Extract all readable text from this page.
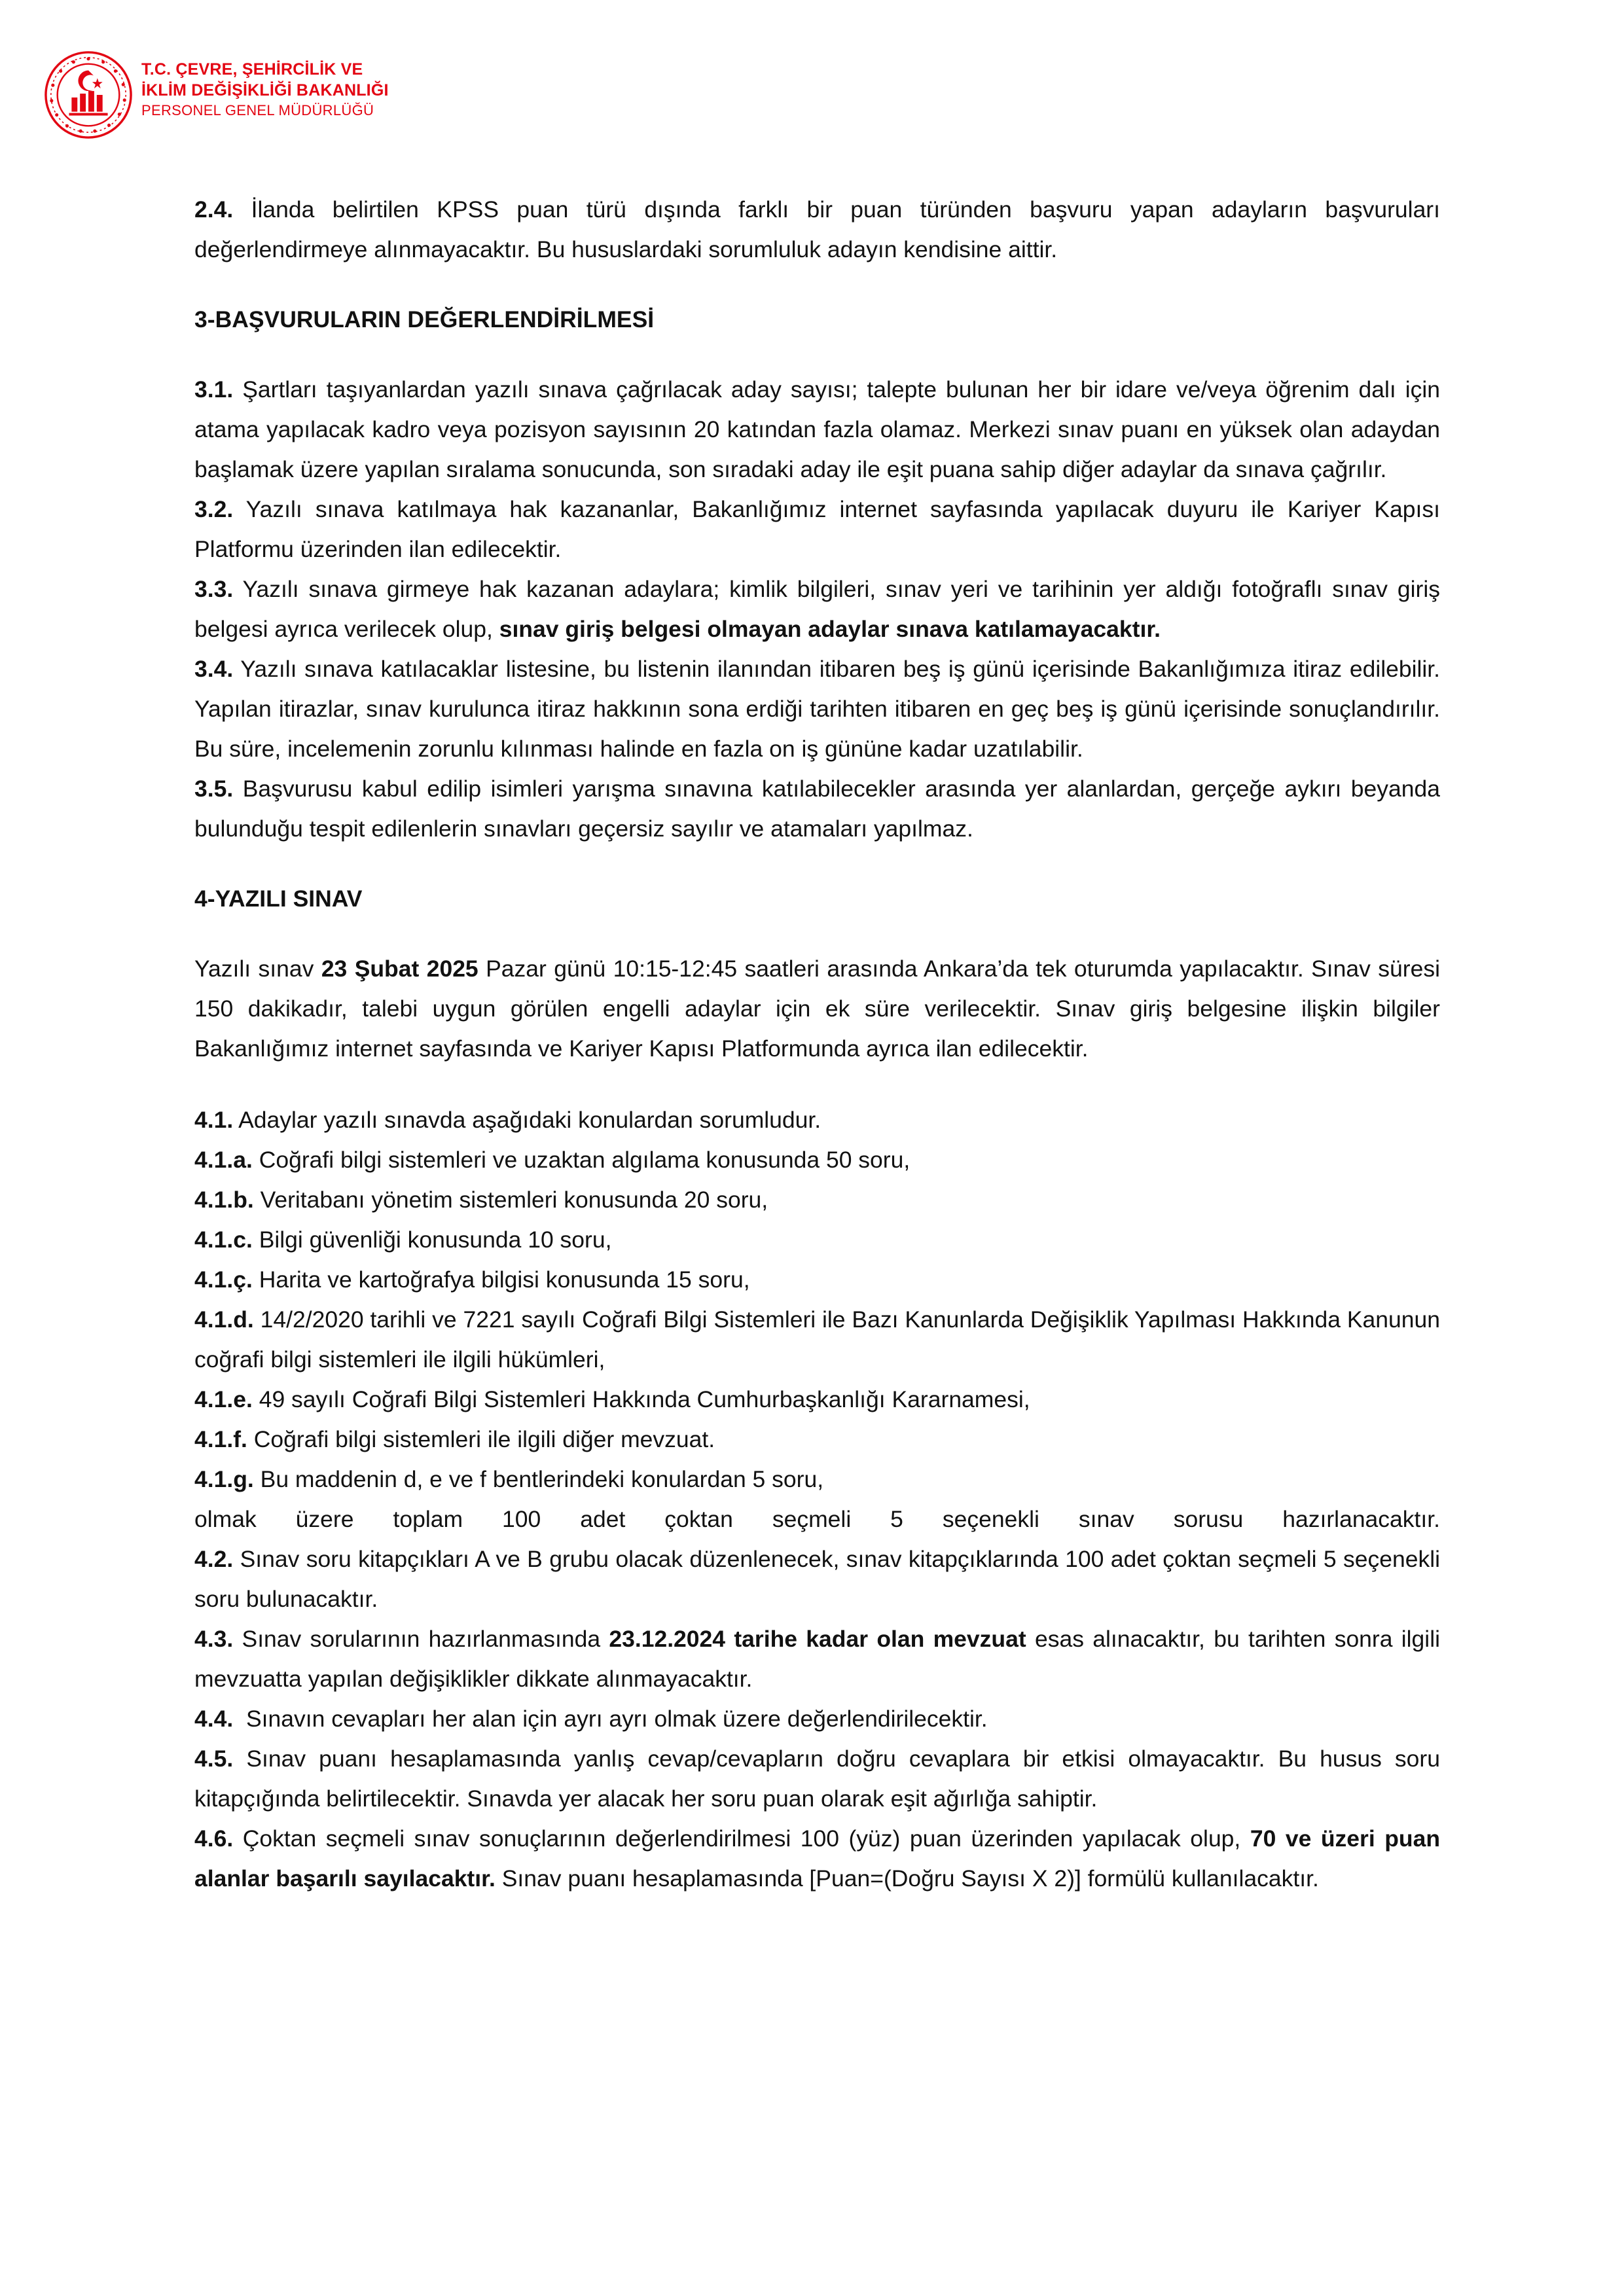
T.C. ÇEVRE, ŞEHİRCİLİK VE
İKLİM DEĞİŞİKLİĞİ BAKANLIĞI
PERSONEL GENEL MÜDÜRLÜĞÜ

2.4. İlanda belirtilen KPSS puan türü dışında farklı bir puan türünden başvuru yapan adayların başvuruları değerlendirmeye alınmayacaktır. Bu hususlardaki sorumluluk adayın kendisine aittir.

3-BAŞVURULARIN DEĞERLENDİRİLMESİ

3.1. Şartları taşıyanlardan yazılı sınava çağrılacak aday sayısı; talepte bulunan her bir idare ve/veya öğrenim dalı için atama yapılacak kadro veya pozisyon sayısının 20 katından fazla olamaz. Merkezi sınav puanı en yüksek olan adaydan başlamak üzere yapılan sıralama sonucunda, son sıradaki aday ile eşit puana sahip diğer adaylar da sınava çağrılır.

3.2. Yazılı sınava katılmaya hak kazananlar, Bakanlığımız internet sayfasında yapılacak duyuru ile Kariyer Kapısı Platformu üzerinden ilan edilecektir.

3.3. Yazılı sınava girmeye hak kazanan adaylara; kimlik bilgileri, sınav yeri ve tarihinin yer aldığı fotoğraflı sınav giriş belgesi ayrıca verilecek olup, sınav giriş belgesi olmayan adaylar sınava katılamayacaktır.

3.4. Yazılı sınava katılacaklar listesine, bu listenin ilanından itibaren beş iş günü içerisinde Bakanlığımıza itiraz edilebilir. Yapılan itirazlar, sınav kurulunca itiraz hakkının sona erdiği tarihten itibaren en geç beş iş günü içerisinde sonuçlandırılır. Bu süre, incelemenin zorunlu kılınması halinde en fazla on iş gününe kadar uzatılabilir.

3.5. Başvurusu kabul edilip isimleri yarışma sınavına katılabilecekler arasında yer alanlardan, gerçeğe aykırı beyanda bulunduğu tespit edilenlerin sınavları geçersiz sayılır ve atamaları yapılmaz.

4-YAZILI SINAV

Yazılı sınav 23 Şubat 2025 Pazar günü 10:15-12:45 saatleri arasında Ankara’da tek oturumda yapılacaktır. Sınav süresi 150 dakikadır, talebi uygun görülen engelli adaylar için ek süre verilecektir. Sınav giriş belgesine ilişkin bilgiler Bakanlığımız internet sayfasında ve Kariyer Kapısı Platformunda ayrıca ilan edilecektir.

4.1. Adaylar yazılı sınavda aşağıdaki konulardan sorumludur.

4.1.a. Coğrafi bilgi sistemleri ve uzaktan algılama konusunda 50 soru,

4.1.b. Veritabanı yönetim sistemleri konusunda 20 soru,

4.1.c. Bilgi güvenliği konusunda 10 soru,

4.1.ç. Harita ve kartoğrafya bilgisi konusunda 15 soru,

4.1.d. 14/2/2020 tarihli ve 7221 sayılı Coğrafi Bilgi Sistemleri ile Bazı Kanunlarda Değişiklik Yapılması Hakkında Kanunun coğrafi bilgi sistemleri ile ilgili hükümleri,

4.1.e. 49 sayılı Coğrafi Bilgi Sistemleri Hakkında Cumhurbaşkanlığı Kararnamesi,

4.1.f. Coğrafi bilgi sistemleri ile ilgili diğer mevzuat.

4.1.g. Bu maddenin d, e ve f bentlerindeki konulardan 5 soru,

olmak üzere toplam 100 adet çoktan seçmeli 5 seçenekli sınav sorusu hazırlanacaktır.

4.2. Sınav soru kitapçıkları A ve B grubu olacak düzenlenecek, sınav kitapçıklarında 100 adet çoktan seçmeli 5 seçenekli soru bulunacaktır.

4.3. Sınav sorularının hazırlanmasında 23.12.2024 tarihe kadar olan mevzuat esas alınacaktır, bu tarihten sonra ilgili mevzuatta yapılan değişiklikler dikkate alınmayacaktır.

4.4. Sınavın cevapları her alan için ayrı ayrı olmak üzere değerlendirilecektir.

4.5. Sınav puanı hesaplamasında yanlış cevap/cevapların doğru cevaplara bir etkisi olmayacaktır. Bu husus soru kitapçığında belirtilecektir. Sınavda yer alacak her soru puan olarak eşit ağırlığa sahiptir.

4.6. Çoktan seçmeli sınav sonuçlarının değerlendirilmesi 100 (yüz) puan üzerinden yapılacak olup, 70 ve üzeri puan alanlar başarılı sayılacaktır. Sınav puanı hesaplamasında [Puan=(Doğru Sayısı X 2)] formülü kullanılacaktır.
